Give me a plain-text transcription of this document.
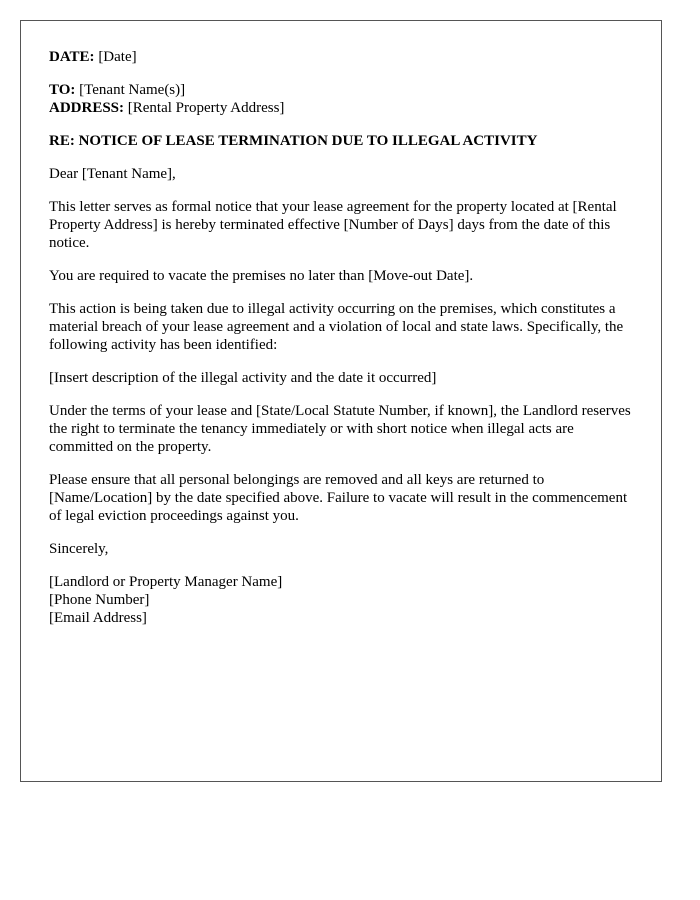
DATE: [Date]

TO: [Tenant Name(s)]
ADDRESS: [Rental Property Address]

RE: NOTICE OF LEASE TERMINATION DUE TO ILLEGAL ACTIVITY

Dear [Tenant Name],

This letter serves as formal notice that your lease agreement for the property located at [Rental Property Address] is hereby terminated effective [Number of Days] days from the date of this notice.

You are required to vacate the premises no later than [Move-out Date].

This action is being taken due to illegal activity occurring on the premises, which constitutes a material breach of your lease agreement and a violation of local and state laws. Specifically, the following activity has been identified:

[Insert description of the illegal activity and the date it occurred]

Under the terms of your lease and [State/Local Statute Number, if known], the Landlord reserves the right to terminate the tenancy immediately or with short notice when illegal acts are committed on the property.

Please ensure that all personal belongings are removed and all keys are returned to [Name/Location] by the date specified above. Failure to vacate will result in the commencement of legal eviction proceedings against you.

Sincerely,

[Landlord or Property Manager Name]
[Phone Number]
[Email Address]
